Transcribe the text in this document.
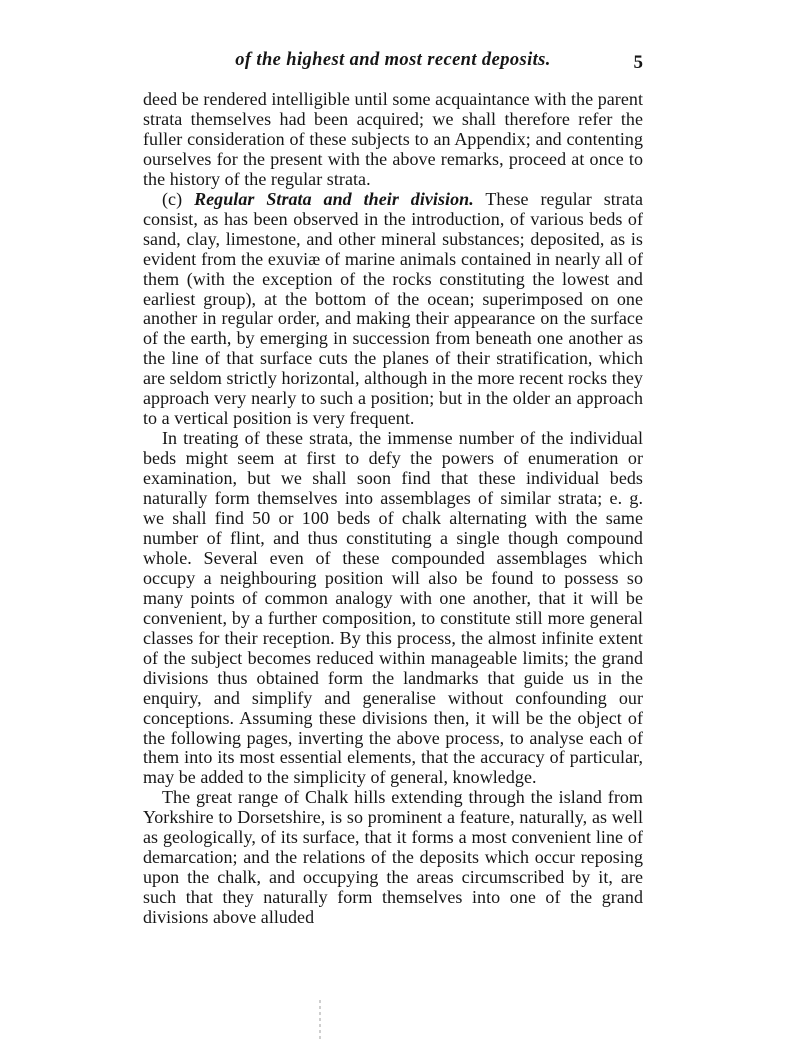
of the highest and most recent deposits.	5

deed be rendered intelligible until some acquaintance with the parent strata themselves had been acquired; we shall therefore refer the fuller consideration of these subjects to an Appendix; and contenting ourselves for the present with the above remarks, proceed at once to the history of the regular strata.

(c) Regular Strata and their division. These regular strata consist, as has been observed in the introduction, of various beds of sand, clay, limestone, and other mineral substances; deposited, as is evident from the exuviæ of marine animals contained in nearly all of them (with the exception of the rocks constituting the lowest and earliest group), at the bottom of the ocean; superimposed on one another in regular order, and making their appearance on the surface of the earth, by emerging in succession from beneath one another as the line of that surface cuts the planes of their stratification, which are seldom strictly horizontal, although in the more recent rocks they approach very nearly to such a position; but in the older an approach to a vertical position is very frequent.

In treating of these strata, the immense number of the individual beds might seem at first to defy the powers of enumeration or examination, but we shall soon find that these individual beds naturally form themselves into assemblages of similar strata; e. g. we shall find 50 or 100 beds of chalk alternating with the same number of flint, and thus constituting a single though compound whole. Several even of these compounded assemblages which occupy a neighbouring position will also be found to possess so many points of common analogy with one another, that it will be convenient, by a further composition, to constitute still more general classes for their reception. By this process, the almost infinite extent of the subject becomes reduced within manageable limits; the grand divisions thus obtained form the landmarks that guide us in the enquiry, and simplify and generalise without confounding our conceptions. Assuming these divisions then, it will be the object of the following pages, inverting the above process, to analyse each of them into its most essential elements, that the accuracy of particular, may be added to the simplicity of general, knowledge.

The great range of Chalk hills extending through the island from Yorkshire to Dorsetshire, is so prominent a feature, naturally, as well as geologically, of its surface, that it forms a most convenient line of demarcation; and the relations of the deposits which occur reposing upon the chalk, and occupying the areas circumscribed by it, are such that they naturally form themselves into one of the grand divisions above alluded
